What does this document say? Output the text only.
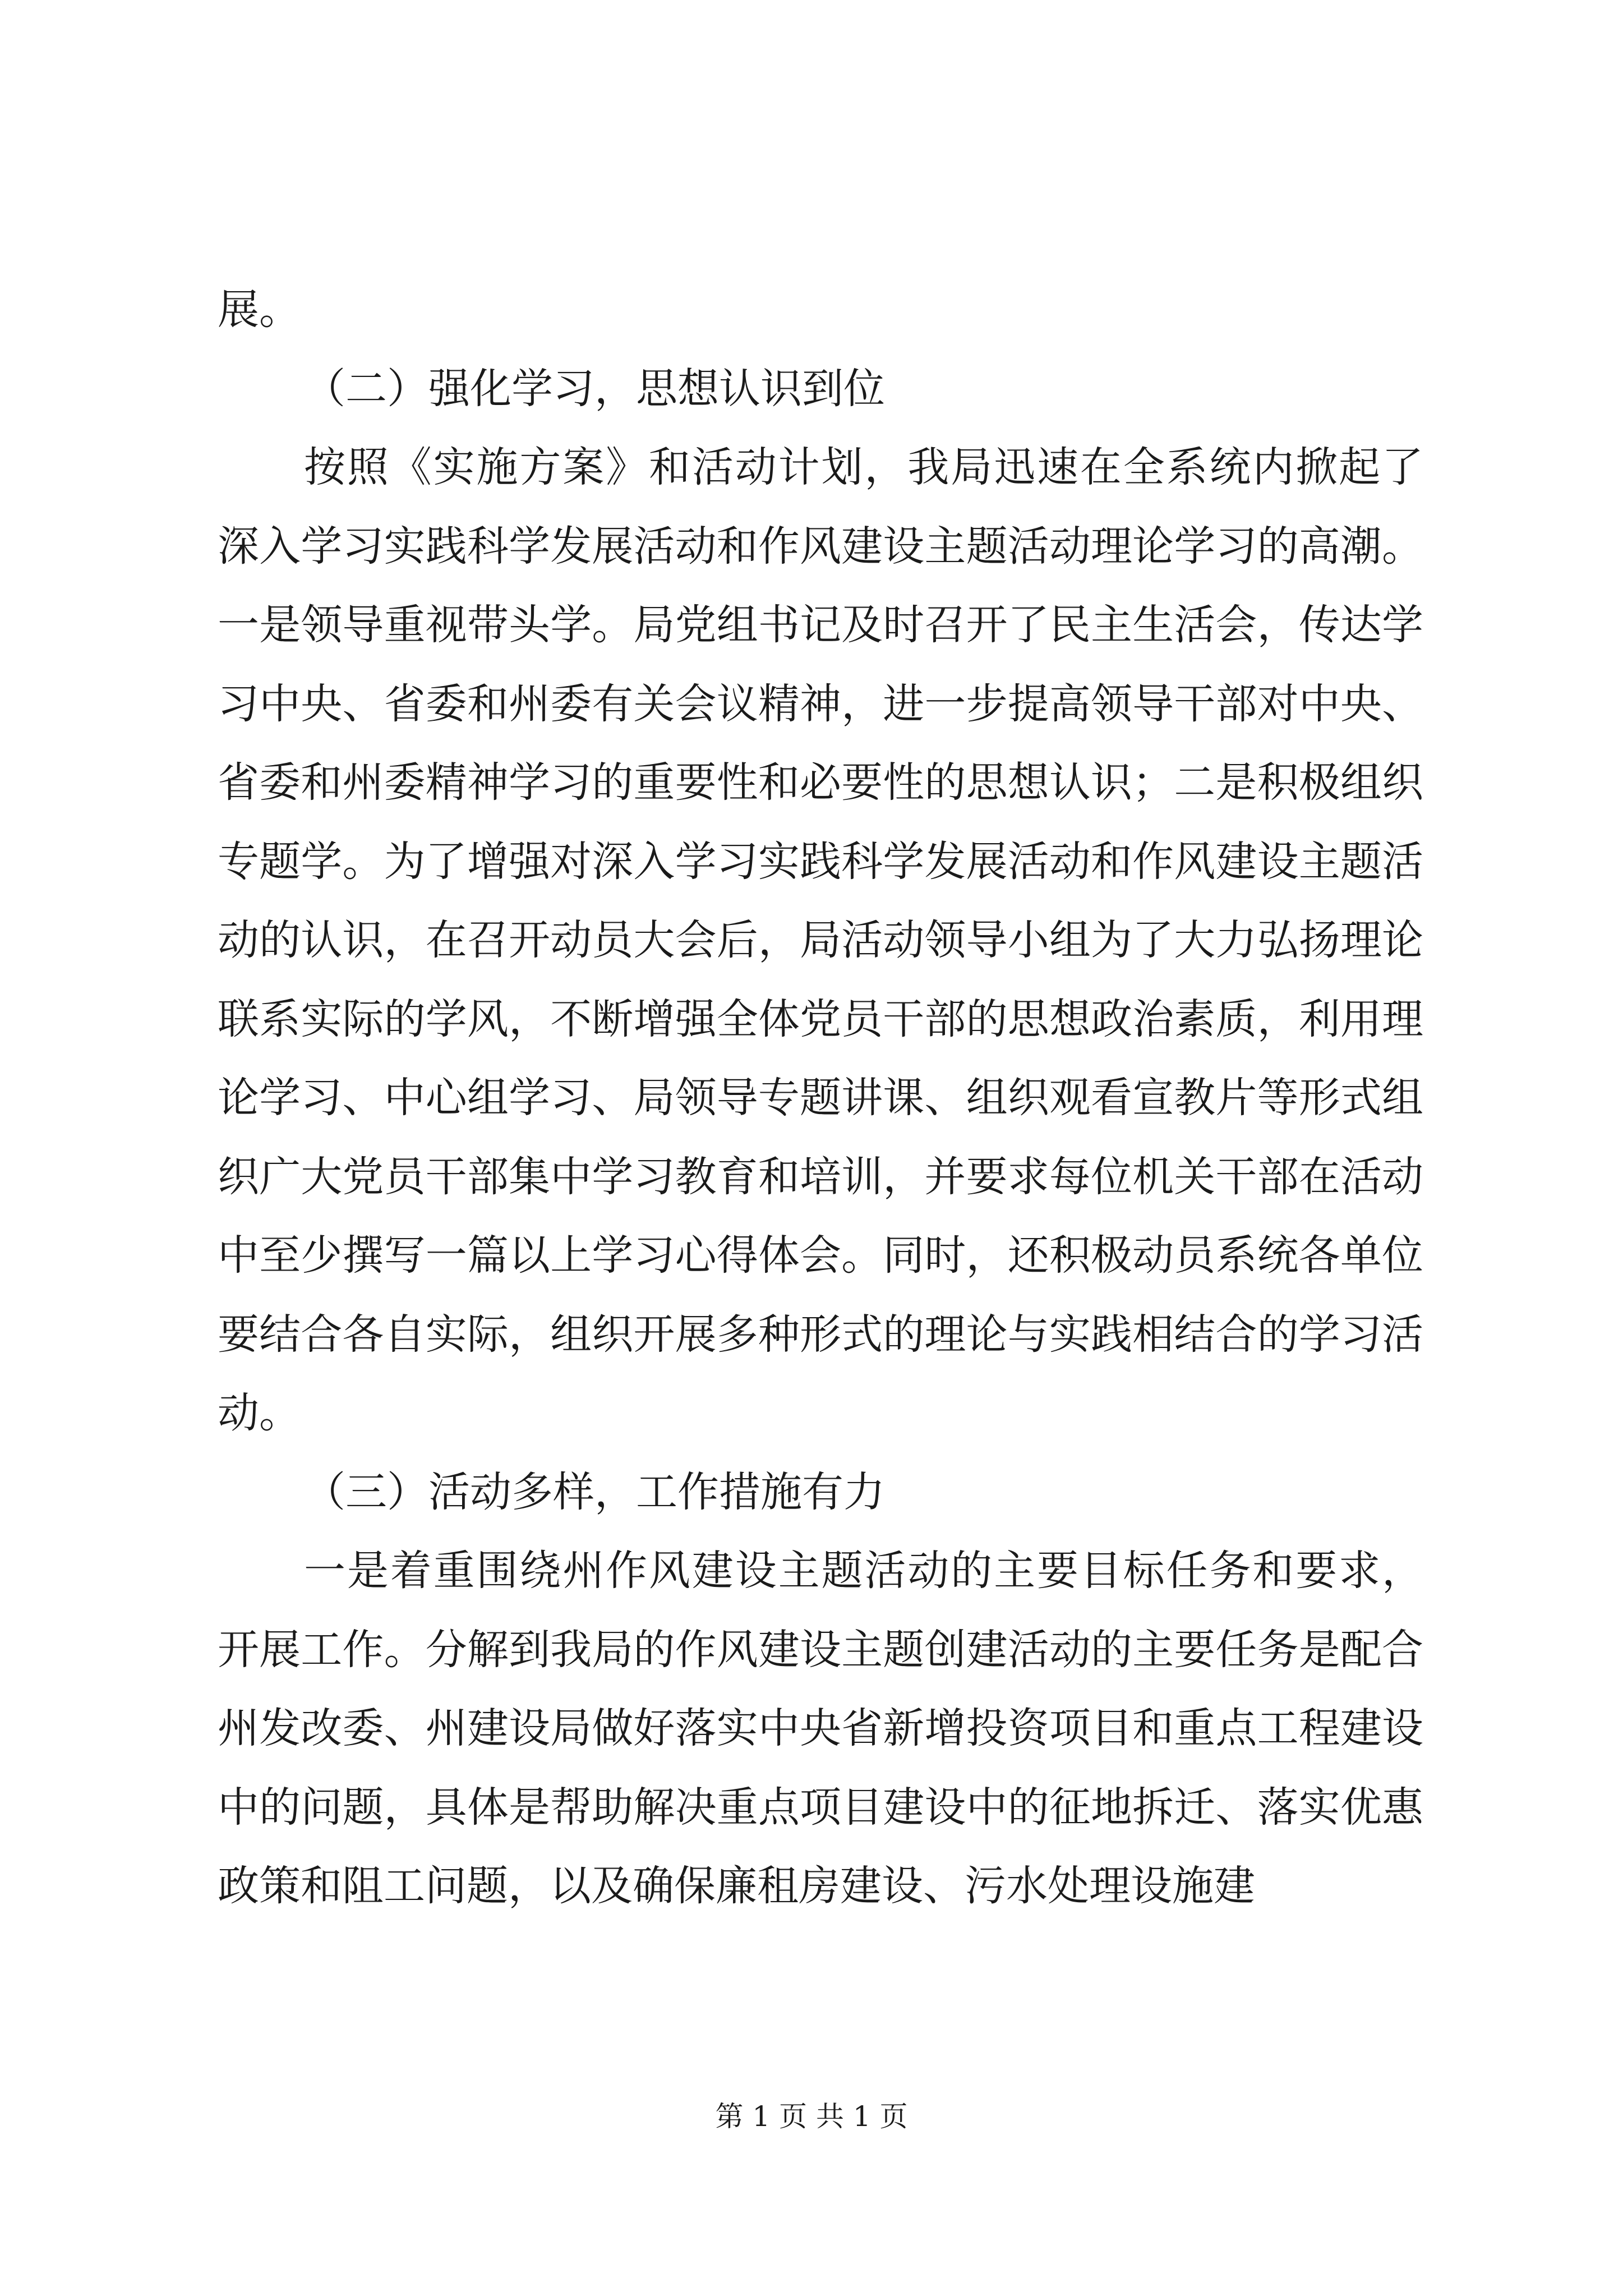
展。

（二）强化学习，思想认识到位

按照《实施方案》和活动计划，我局迅速在全系统内掀起了深入学习实践科学发展活动和作风建设主题活动理论学习的高潮。一是领导重视带头学。局党组书记及时召开了民主生活会，传达学习中央、省委和州委有关会议精神，进一步提高领导干部对中央、省委和州委精神学习的重要性和必要性的思想认识；二是积极组织专题学。为了增强对深入学习实践科学发展活动和作风建设主题活动的认识，在召开动员大会后，局活动领导小组为了大力弘扬理论联系实际的学风，不断增强全体党员干部的思想政治素质，利用理论学习、中心组学习、局领导专题讲课、组织观看宣教片等形式组织广大党员干部集中学习教育和培训，并要求每位机关干部在活动中至少撰写一篇以上学习心得体会。同时，还积极动员系统各单位要结合各自实际，组织开展多种形式的理论与实践相结合的学习活动。

（三）活动多样，工作措施有力

一是着重围绕州作风建设主题活动的主要目标任务和要求，开展工作。分解到我局的作风建设主题创建活动的主要任务是配合州发改委、州建设局做好落实中央省新增投资项目和重点工程建设中的问题，具体是帮助解决重点项目建设中的征地拆迁、落实优惠政策和阻工问题，以及确保廉租房建设、污水处理设施建

第 1 页 共 1 页
